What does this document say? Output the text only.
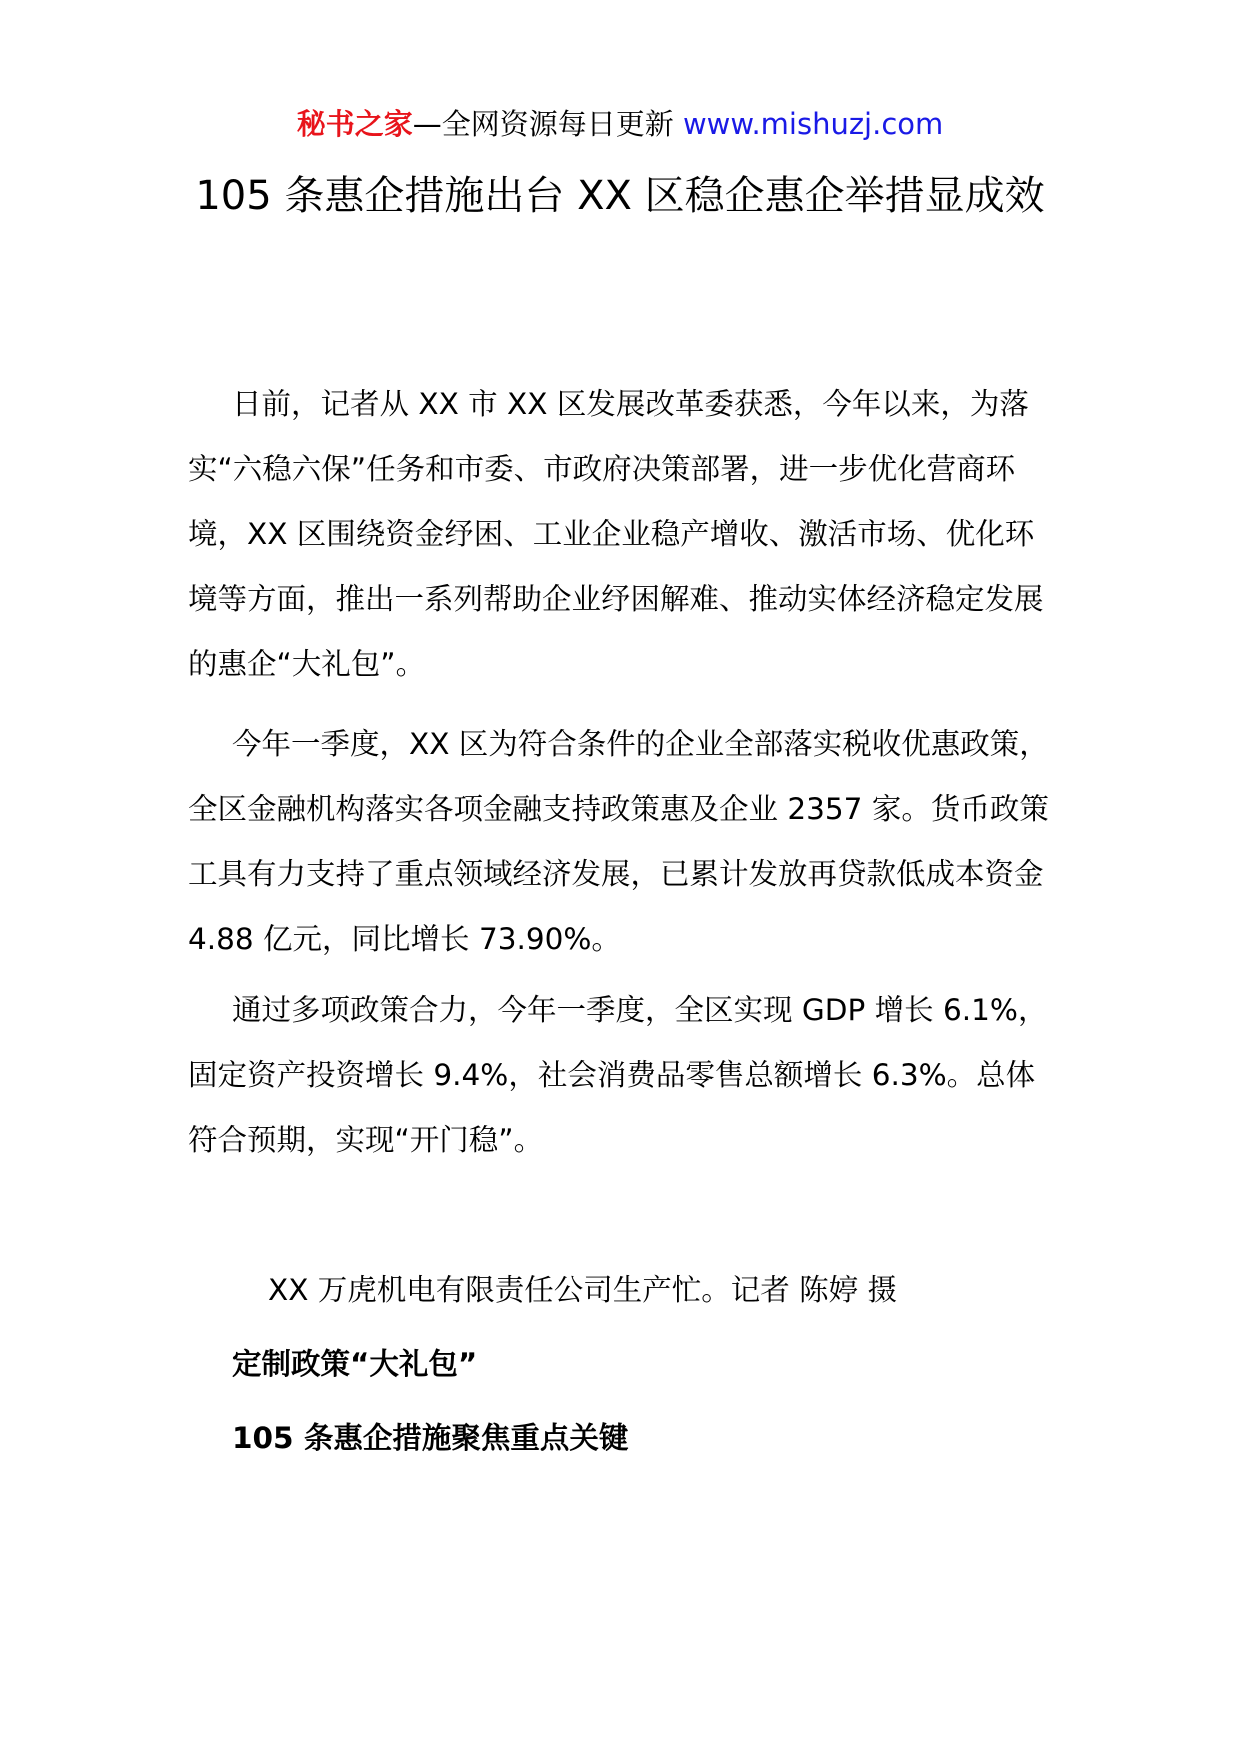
秘书之家—全网资源每日更新 www.mishuzj.com
105 条惠企措施出台 XX 区稳企惠企举措显成效

日前，记者从 XX 市 XX 区发展改革委获悉，今年以来，为落实“六稳六保”任务和市委、市政府决策部署，进一步优化营商环境，XX 区围绕资金纾困、工业企业稳产增收、激活市场、优化环境等方面，推出一系列帮助企业纾困解难、推动实体经济稳定发展的惠企“大礼包”。

今年一季度，XX 区为符合条件的企业全部落实税收优惠政策，全区金融机构落实各项金融支持政策惠及企业 2357 家。货币政策工具有力支持了重点领域经济发展，已累计发放再贷款低成本资金 4.88 亿元，同比增长 73.90%。

通过多项政策合力，今年一季度，全区实现 GDP 增长 6.1%，固定资产投资增长 9.4%，社会消费品零售总额增长 6.3%。总体符合预期，实现“开门稳”。

XX 万虎机电有限责任公司生产忙。记者 陈婷 摄

定制政策“大礼包”

105 条惠企措施聚焦重点关键
